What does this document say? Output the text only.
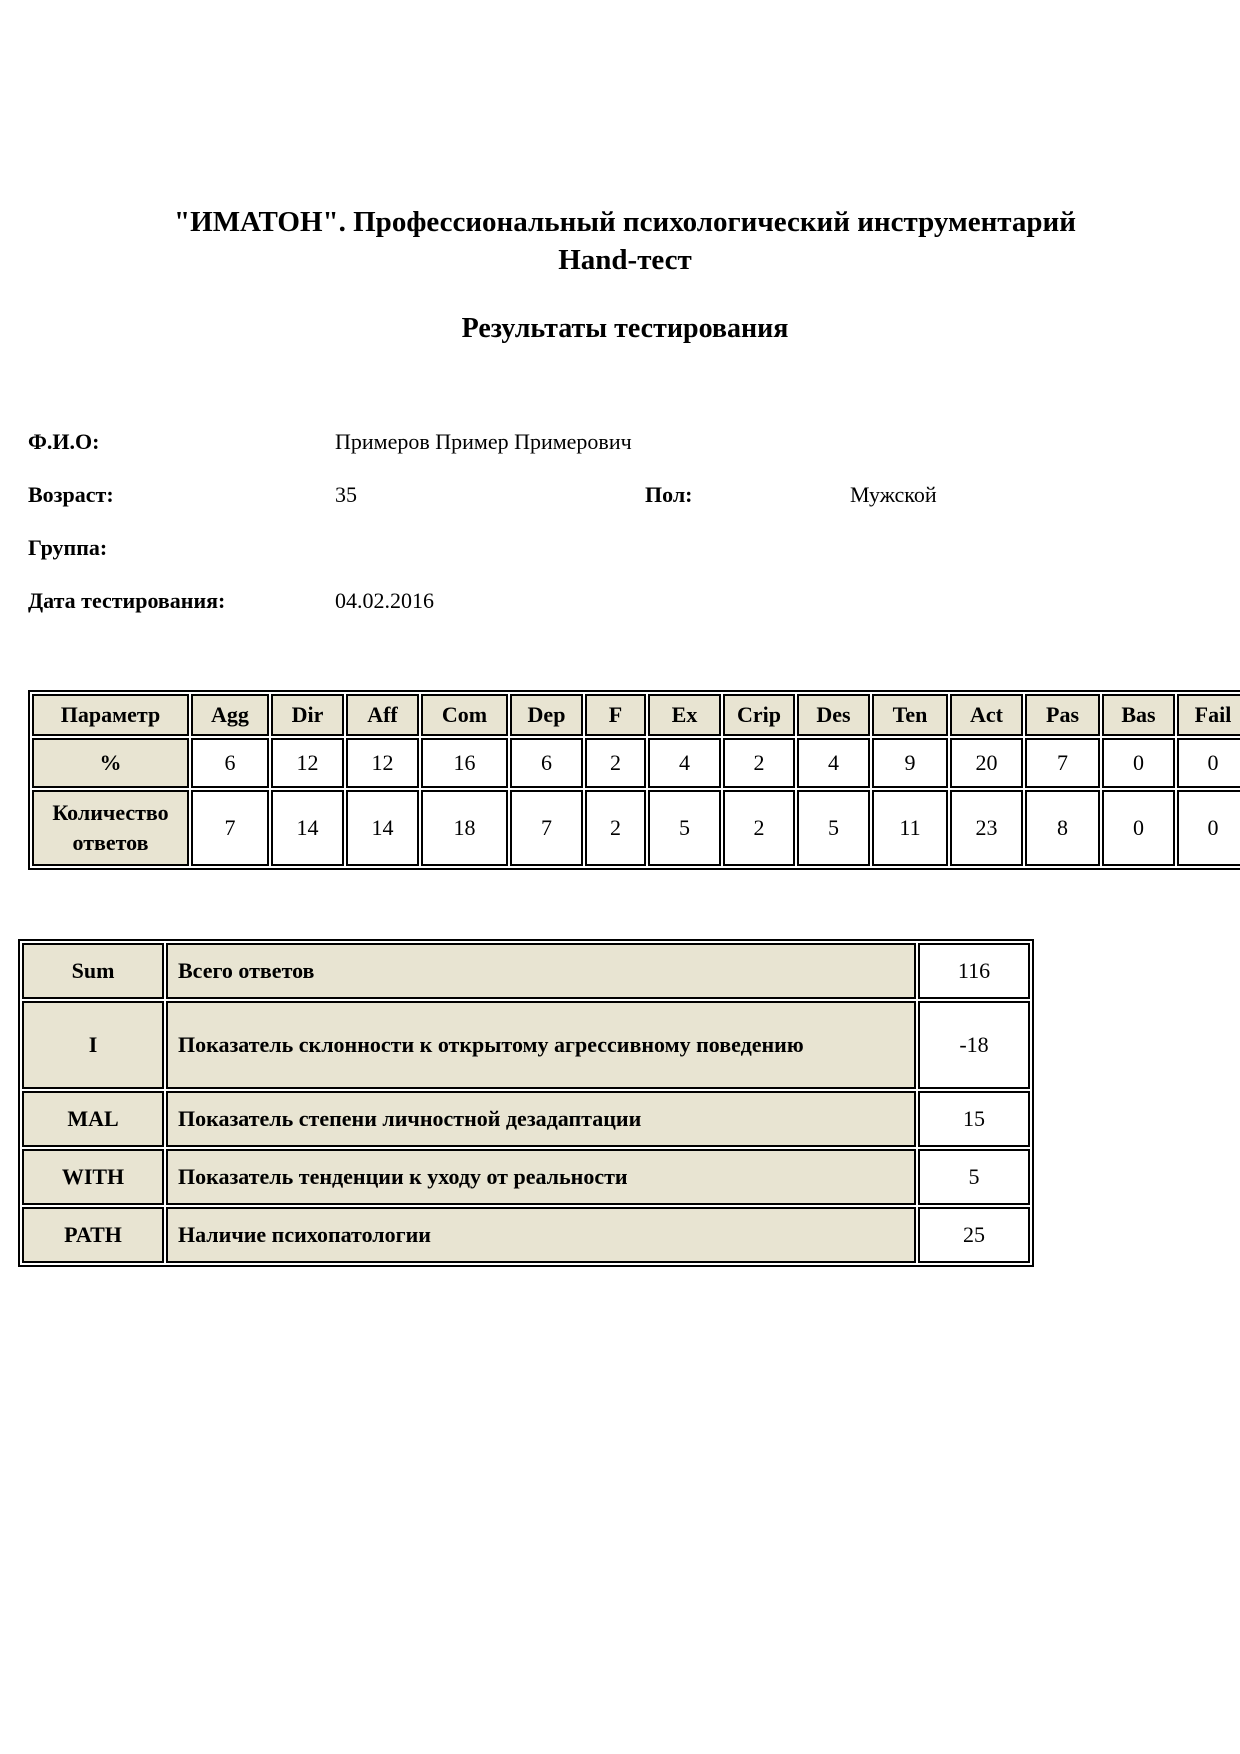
"ИМАТОН". Профессиональный психологический инструментарий
Hand-тест
Результаты тестирования
Ф.И.О:	Примеров Пример Примерович
Возраст:	35	Пол:	Мужской
Группа:
Дата тестирования:	04.02.2016
Параметр	Agg	Dir	Aff	Com	Dep	F	Ex	Crip	Des	Ten	Act	Pas	Bas	Fail
%	6	12	12	16	6	2	4	2	4	9	20	7	0	0
Количество ответов	7	14	14	18	7	2	5	2	5	11	23	8	0	0
Sum	Всего ответов	116
I	Показатель склонности к открытому агрессивному поведению	-18
MAL	Показатель степени личностной дезадаптации	15
WITH	Показатель тенденции к уходу от реальности	5
PATH	Наличие психопатологии	25
